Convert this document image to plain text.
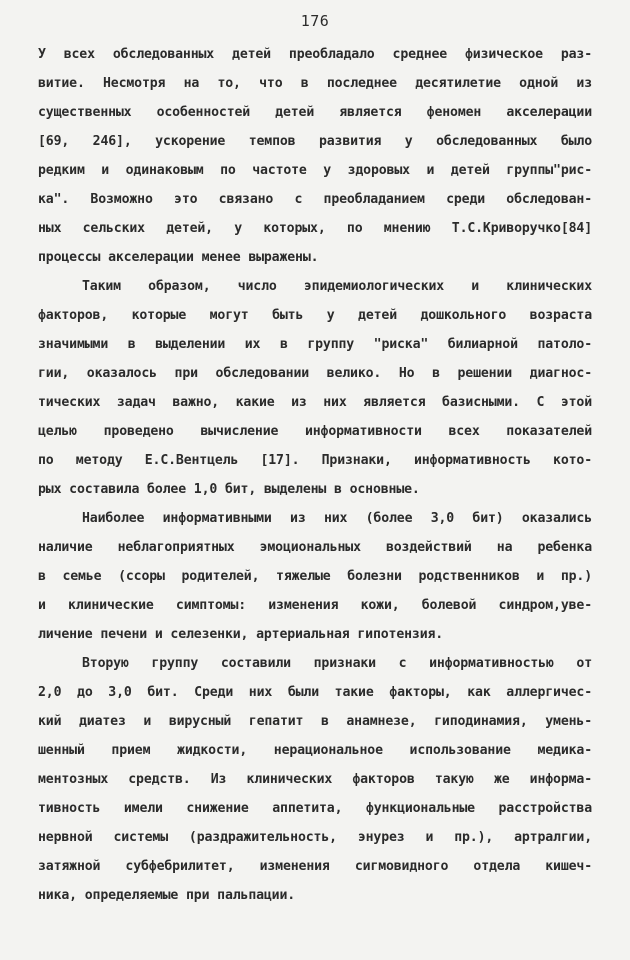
176
У всех обследованных детей преобладало среднее физическое раз-
витие. Несмотря на то, что в последнее десятилетие одной из
существенных особенностей детей является феномен акселерации
[69, 246], ускорение темпов развития у обследованных было
редким и одинаковым по частоте у здоровых и детей группы"рис-
ка". Возможно это связано с преобладанием среди обследован-
ных сельских детей, у которых, по мнению Т.С.Криворучко[84]
процессы акселерации менее выражены.
Таким образом, число эпидемиологических и клинических
факторов, которые могут быть у детей дошкольного возраста
значимыми в выделении их в группу "риска" билиарной патоло-
гии, оказалось при обследовании велико. Но в решении диагнос-
тических задач важно, какие из них является базисными. С этой
целью проведено вычисление информативности всех показателей
по методу Е.С.Вентцель [17]. Признаки, информативность кото-
рых составила более 1,0 бит, выделены в основные.
Наиболее информативными из них (более 3,0 бит) оказались
наличие неблагоприятных эмоциональных воздействий на ребенка
в семье (ссоры родителей, тяжелые болезни родственников и пр.)
и клинические симптомы: изменения кожи, болевой синдром,уве-
личение печени и селезенки, артериальная гипотензия.
Вторую группу составили признаки с информативностью от
2,0 до 3,0 бит. Среди них были такие факторы, как аллергичес-
кий диатез и вирусный гепатит в анамнезе, гиподинамия, умень-
шенный прием жидкости, нерациональное использование медика-
ментозных средств. Из клинических факторов такую же информа-
тивность имели снижение аппетита, функциональные расстройства
нервной системы (раздражительность, энурез и пр.), артралгии,
затяжной субфебрилитет, изменения сигмовидного отдела кишеч-
ника, определяемые при пальпации.
